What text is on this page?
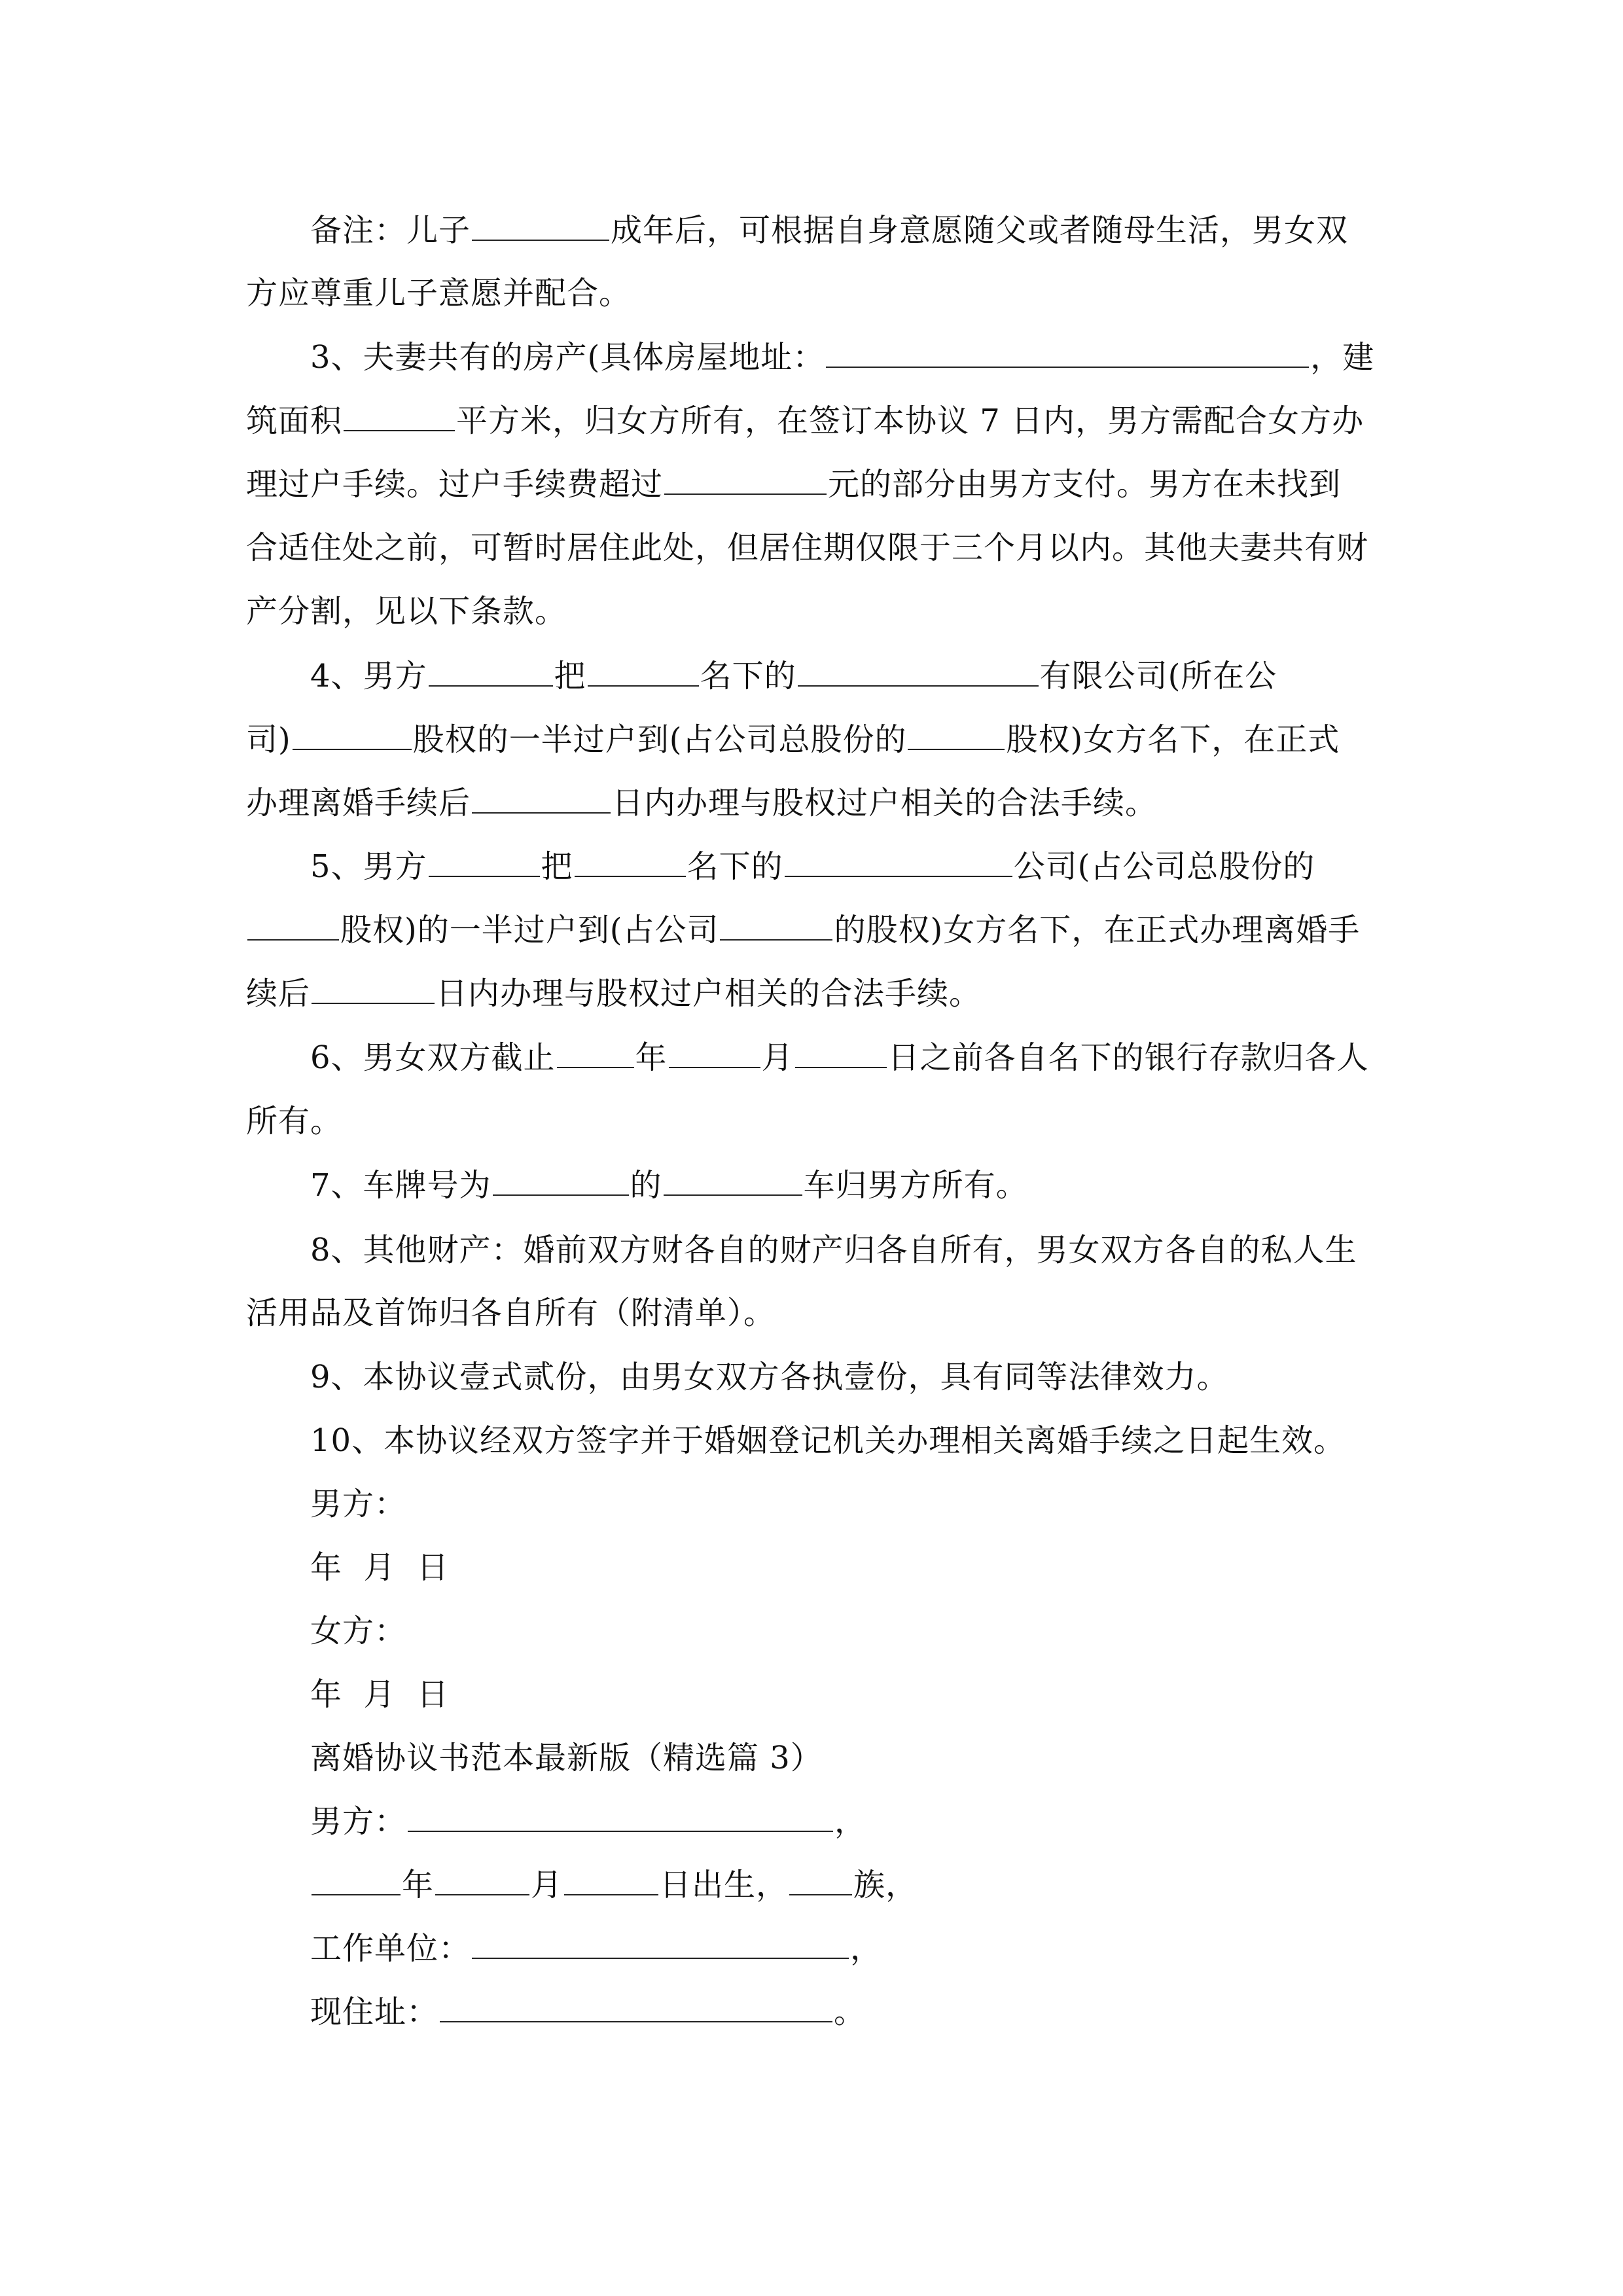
备注：儿子	成年后，可根据自身意愿随父或者随母生活，男女双
方应尊重儿子意愿并配合。
3、夫妻共有的房产(具体房屋地址：	，建
筑面积	平方米，归女方所有，在签订本协议 7 日内，男方需配合女方办
理过户手续。过户手续费超过	元的部分由男方支付。男方在未找到
合适住处之前，可暂时居住此处，但居住期仅限于三个月以内。其他夫妻共有财
产分割，见以下条款。
4、男方	把	名下的	有限公司(所在公
司)	股权的一半过户到(占公司总股份的	股权)女方名下，在正式
办理离婚手续后	日内办理与股权过户相关的合法手续。
5、男方	把	名下的	公司(占公司总股份的
股权)的一半过户到(占公司	的股权)女方名下，在正式办理离婚手
续后	日内办理与股权过户相关的合法手续。
6、男女双方截止	年	月	日之前各自名下的银行存款归各人
所有。
7、车牌号为	的	车归男方所有。
8、其他财产：婚前双方财各自的财产归各自所有，男女双方各自的私人生
活用品及首饰归各自所有（附清单）。
9、本协议壹式贰份，由男女双方各执壹份，具有同等法律效力。
10、本协议经双方签字并于婚姻登记机关办理相关离婚手续之日起生效。
男方：
年  月  日
女方：
年  月  日
离婚协议书范本最新版（精选篇 3）
男方：	，
年	月	日出生， 族，
工作单位：	，
现住址：	。
